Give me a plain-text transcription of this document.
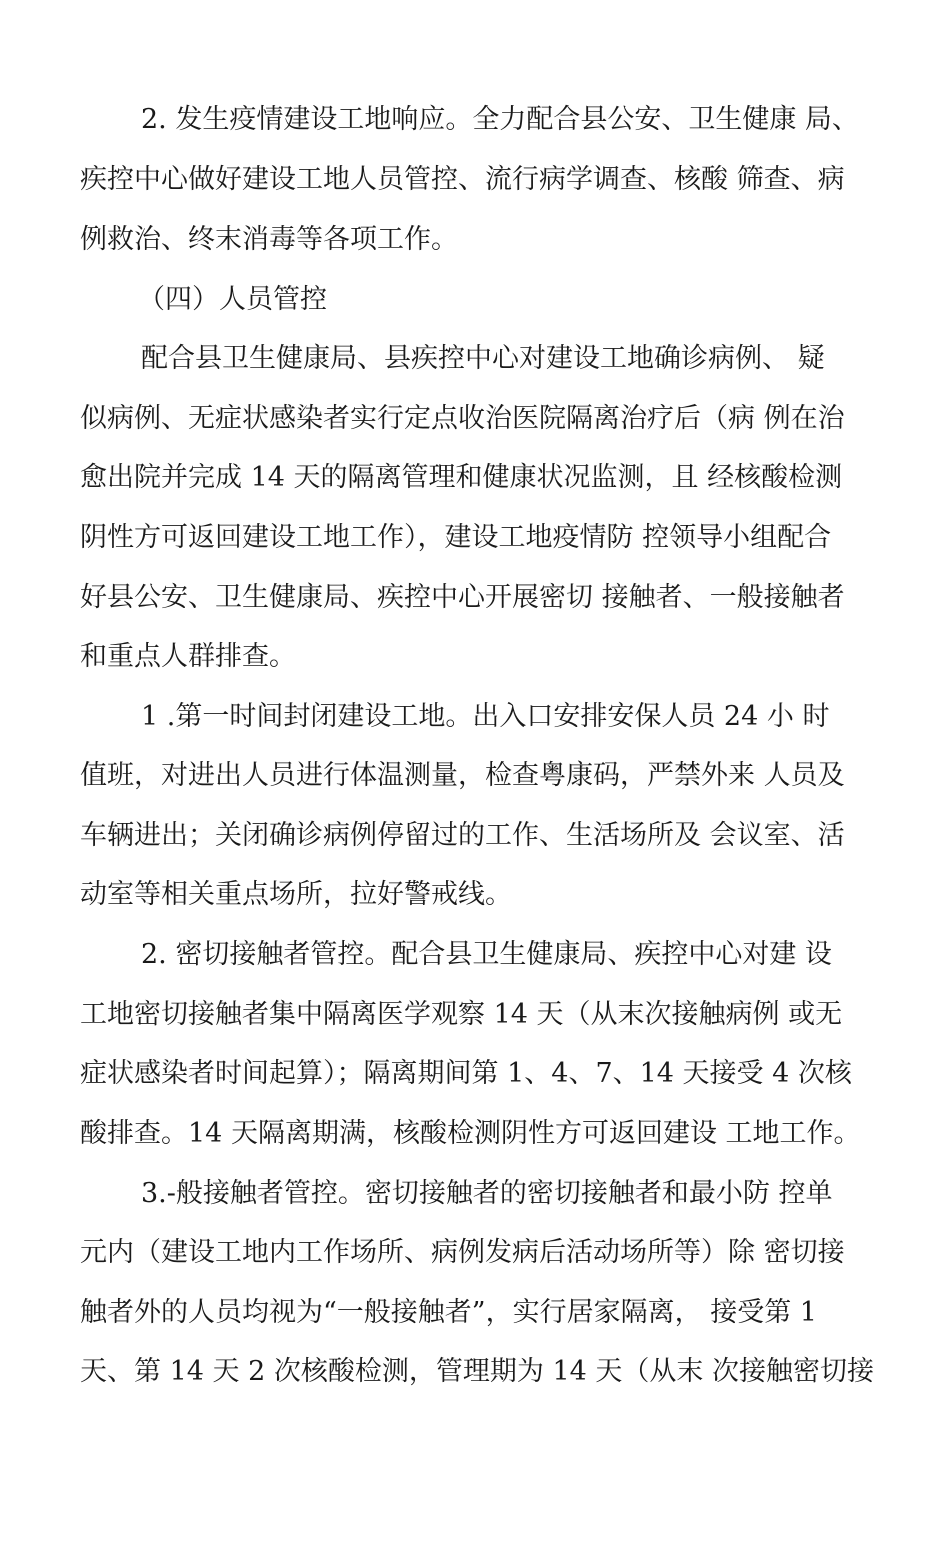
2. 发生疫情建设工地响应。全力配合县公安、卫生健康 局、
疾控中心做好建设工地人员管控、流行病学调查、核酸 筛查、病
例救治、终末消毒等各项工作。
（四）人员管控
配合县卫生健康局、县疾控中心对建设工地确诊病例、 疑
似病例、无症状感染者实行定点收治医院隔离治疗后（病 例在治
愈出院并完成 14 天的隔离管理和健康状况监测，且 经核酸检测
阴性方可返回建设工地工作），建设工地疫情防 控领导小组配合
好县公安、卫生健康局、疾控中心开展密切 接触者、一般接触者
和重点人群排查。
1 .第一时间封闭建设工地。出入口安排安保人员 24 小 时
值班，对进出人员进行体温测量，检查粤康码，严禁外来 人员及
车辆进出；关闭确诊病例停留过的工作、生活场所及 会议室、活
动室等相关重点场所，拉好警戒线。
2. 密切接触者管控。配合县卫生健康局、疾控中心对建 设
工地密切接触者集中隔离医学观察 14 天（从末次接触病例 或无
症状感染者时间起算）；隔离期间第 1、4、7、14 天接受 4 次核
酸排查。14 天隔离期满，核酸检测阴性方可返回建设 工地工作。
3.-般接触者管控。密切接触者的密切接触者和最小防 控单
元内（建设工地内工作场所、病例发病后活动场所等）除 密切接
触者外的人员均视为“一般接触者”，实行居家隔离， 接受第 1
天、第 14 天 2 次核酸检测，管理期为 14 天（从末 次接触密切接
